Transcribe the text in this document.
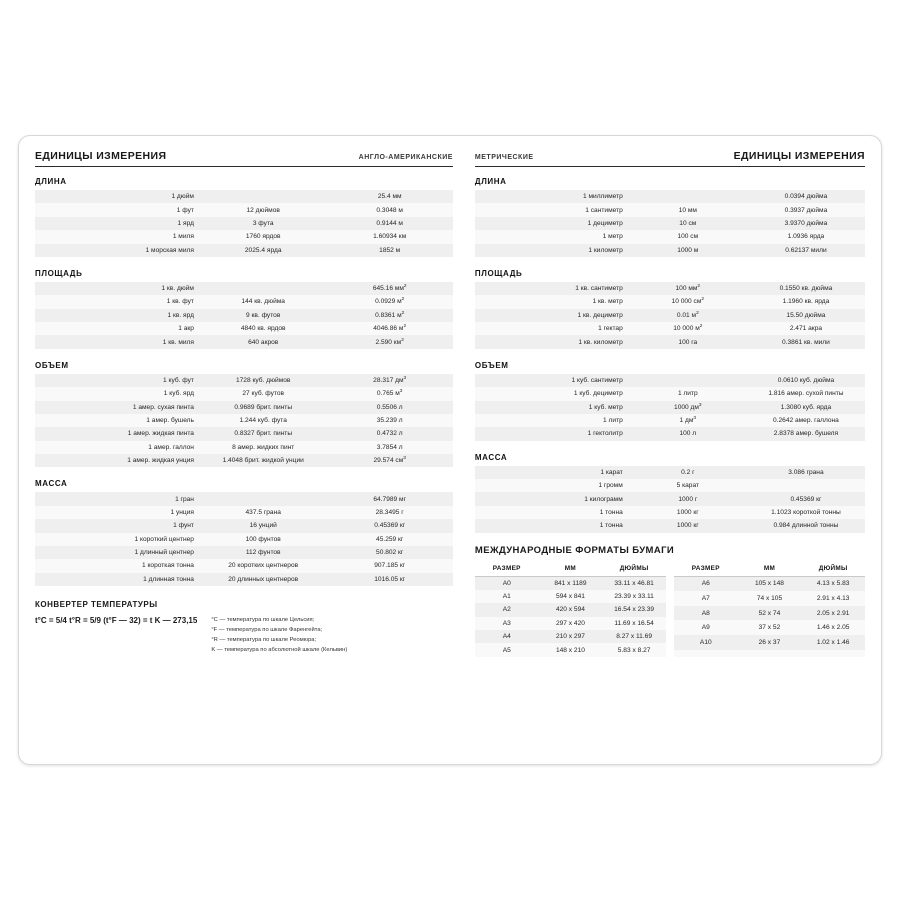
ЕДИНИЦЫ ИЗМЕРЕНИЯ	АНГЛО-АМЕРИКАНСКИЕ
ДЛИНА
1 дюйм		25.4 мм
1 фут	12 дюймов	0.3048 м
1 ярд	3 фута	0.9144 м
1 миля	1760 ярдов	1.60934 км
1 морская миля	2025.4 ярда	1852 м
ПЛОЩАДЬ
1 кв. дюйм		645.16 $мм^2$
1 кв. фут	144 кв. дюйма	0.0929 $м^2$
1 кв. ярд	9 кв. футов	0.8361 $м^2$
1 акр	4840 кв. ярдов	4046.86 $м^2$
1 кв. миля	640 акров	2.590 $км^2$
ОБЪЕМ
1 куб. фут	1728 куб. дюймов	28.317 $дм^3$
1 куб. ярд	27 куб. футов	0.765 $м^3$
1 амер. сухая пинта	0.9689 брит. пинты	0.5506 л
1 амер. бушель	1.244 куб. фута	35.239 л
1 амер. жидкая пинта	0.8327 брит. пинты	0.4732 л
1 амер. галлон	8 амер. жидких пинт	3.7854 л
1 амер. жидкая унция	1.4048 брит. жидкой унции	29.574 $см^3$
МАССА
1 гран		64.7989 мг
1 унция	437.5 грана	28.3495 г
1 фунт	16 унций	0.45369 кг
1 короткий центнер	100 фунтов	45.259 кг
1 длинный центнер	112 фунтов	50.802 кг
1 короткая тонна	20 коротких центнеров	907.185 кг
1 длинная тонна	20 длинных центнеров	1016.05 кг
КОНВЕРТЕР ТЕМПЕРАТУРЫ
t°C = 5/4 t°R = 5/9 (t°F — 32) = t K — 273,15 °C — температура по шкале Цельсия;
°F — температура по шкале Фаренгейта;
°R — температура по шкале Реомюра;
K — температура по абсолютной шкале (Кельвин)
МЕТРИЧЕСКИЕ	ЕДИНИЦЫ ИЗМЕРЕНИЯ
ДЛИНА
1 миллиметр		0.0394 дюйма
1 сантиметр	10 мм	0.3937 дюйма
1 дециметр	10 см	3.9370 дюйма
1 метр	100 см	1.0936 ярда
1 километр	1000 м	0.62137 мили
ПЛОЩАДЬ
1 кв. сантиметр	100 $мм^2$	0.1550 кв. дюйма
1 кв. метр	10 000 $см^2$	1.1960 кв. ярда
1 кв. дециметр	0.01 $м^2$	15.50 дюйма
1 гектар	10 000 $м^2$	2.471 акра
1 кв. километр	100 га	0.3861 кв. мили
ОБЪЕМ
1 куб. сантиметр		0.0610 куб. дюйма
1 куб. дециметр	1 литр	1.816 амер. сухой пинты
1 куб. метр	1000 $дм^3$	1.3080 куб. ярда
1 литр	1 $дм^3$	0.2642 амер. галлона
1 гектолитр	100 л	2.8378 амер. бушеля
МАССА
1 карат	0.2 г	3.086 грана
1 громм	5 карат	
1 килограмм	1000 г	0.45369 кг
1 тонна	1000 кг	1.1023 короткой тонны
1 тонна	1000 кг	0.984 длинной тонны
МЕЖДУНАРОДНЫЕ ФОРМАТЫ БУМАГИ
РАЗМЕР	ММ	ДЮЙМЫ
A0	841 x 1189	33.11 x 46.81
A1	594 x 841	23.39 x 33.11
A2	420 x 594	16.54 x 23.39
A3	297 x 420	11.69 x 16.54
A4	210 x 297	8.27 x 11.69
A5	148 x 210	5.83 x 8.27
РАЗМЕР	ММ	ДЮЙМЫ
A6	105 x 148	4.13 x 5.83
A7	74 x 105	2.91 x 4.13
A8	52 x 74	2.05 x 2.91
A9	37 x 52	1.46 x 2.05
A10	26 x 37	1.02 x 1.46
